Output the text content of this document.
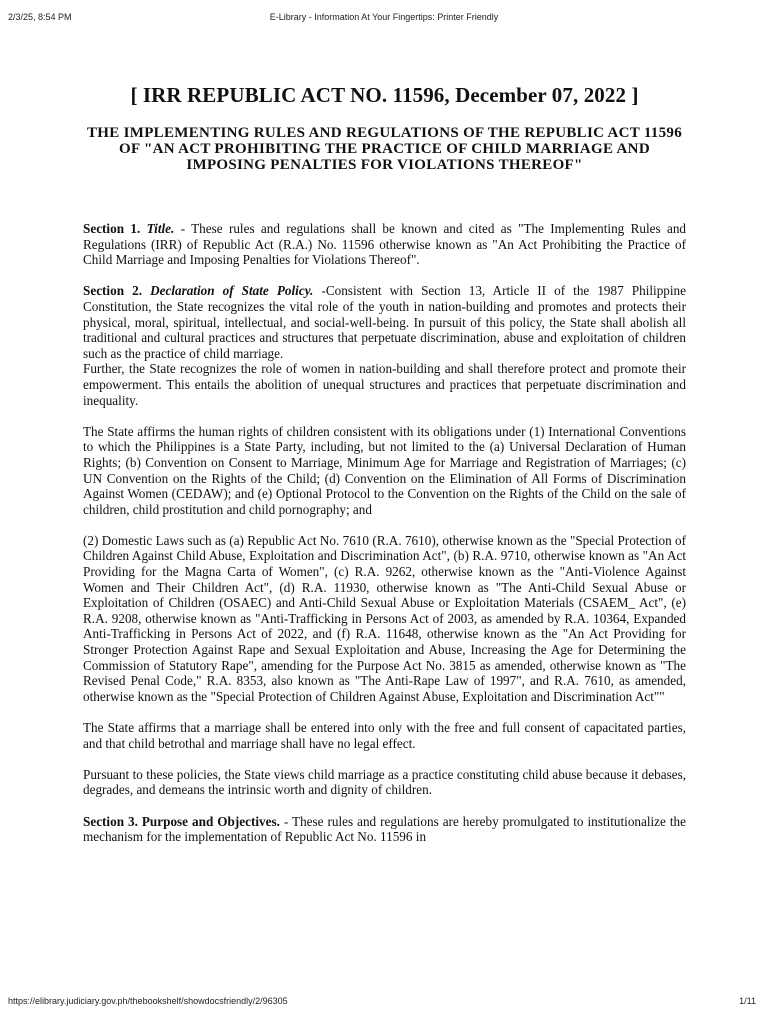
2/3/25, 8:54 PM	E-Library - Information At Your Fingertips: Printer Friendly
[ IRR REPUBLIC ACT NO. 11596, December 07, 2022 ]
THE IMPLEMENTING RULES AND REGULATIONS OF THE REPUBLIC ACT 11596 OF "AN ACT PROHIBITING THE PRACTICE OF CHILD MARRIAGE AND IMPOSING PENALTIES FOR VIOLATIONS THEREOF"

Section 1. Title. - These rules and regulations shall be known and cited as "The Implementing Rules and Regulations (IRR) of Republic Act (R.A.) No. 11596 otherwise known as "An Act Prohibiting the Practice of Child Marriage and Imposing Penalties for Violations Thereof".

Section 2. Declaration of State Policy. -Consistent with Section 13, Article II of the 1987 Philippine Constitution, the State recognizes the vital role of the youth in nation-building and promotes and protects their physical, moral, spiritual, intellectual, and social-well-being. In pursuit of this policy, the State shall abolish all traditional and cultural practices and structures that perpetuate discrimination, abuse and exploitation of children such as the practice of child marriage.

Further, the State recognizes the role of women in nation-building and shall therefore protect and promote their empowerment. This entails the abolition of unequal structures and practices that perpetuate discrimination and inequality.

The State affirms the human rights of children consistent with its obligations under (1) International Conventions to which the Philippines is a State Party, including, but not limited to the (a) Universal Declaration of Human Rights; (b) Convention on Consent to Marriage, Minimum Age for Marriage and Registration of Marriages; (c) UN Convention on the Rights of the Child; (d) Convention on the Elimination of All Forms of Discrimination Against Women (CEDAW); and (e) Optional Protocol to the Convention on the Rights of the Child on the sale of children, child prostitution and child pornography; and

(2) Domestic Laws such as (a) Republic Act No. 7610 (R.A. 7610), otherwise known as the "Special Protection of Children Against Child Abuse, Exploitation and Discrimination Act", (b) R.A. 9710, otherwise known as "An Act Providing for the Magna Carta of Women", (c) R.A. 9262, otherwise known as the "Anti-Violence Against Women and Their Children Act", (d) R.A. 11930, otherwise known as "The Anti-Child Sexual Abuse or Exploitation of Children (OSAEC) and Anti-Child Sexual Abuse or Exploitation Materials (CSAEM_ Act", (e) R.A. 9208, otherwise known as "Anti-Trafficking in Persons Act of 2003, as amended by R.A. 10364, Expanded Anti-Trafficking in Persons Act of 2022, and (f) R.A. 11648, otherwise known as the "An Act Providing for Stronger Protection Against Rape and Sexual Exploitation and Abuse, Increasing the Age for Determining the Commission of Statutory Rape", amending for the Purpose Act No. 3815 as amended, otherwise known as "The Revised Penal Code," R.A. 8353, also known as "The Anti-Rape Law of 1997", and R.A. 7610, as amended, otherwise known as the "Special Protection of Children Against Abuse, Exploitation and Discrimination Act""

The State affirms that a marriage shall be entered into only with the free and full consent of capacitated parties, and that child betrothal and marriage shall have no legal effect.

Pursuant to these policies, the State views child marriage as a practice constituting child abuse because it debases, degrades, and demeans the intrinsic worth and dignity of children.

Section 3. Purpose and Objectives. - These rules and regulations are hereby promulgated to institutionalize the mechanism for the implementation of Republic Act No. 11596 in

https://elibrary.judiciary.gov.ph/thebookshelf/showdocsfriendly/2/96305	1/11
